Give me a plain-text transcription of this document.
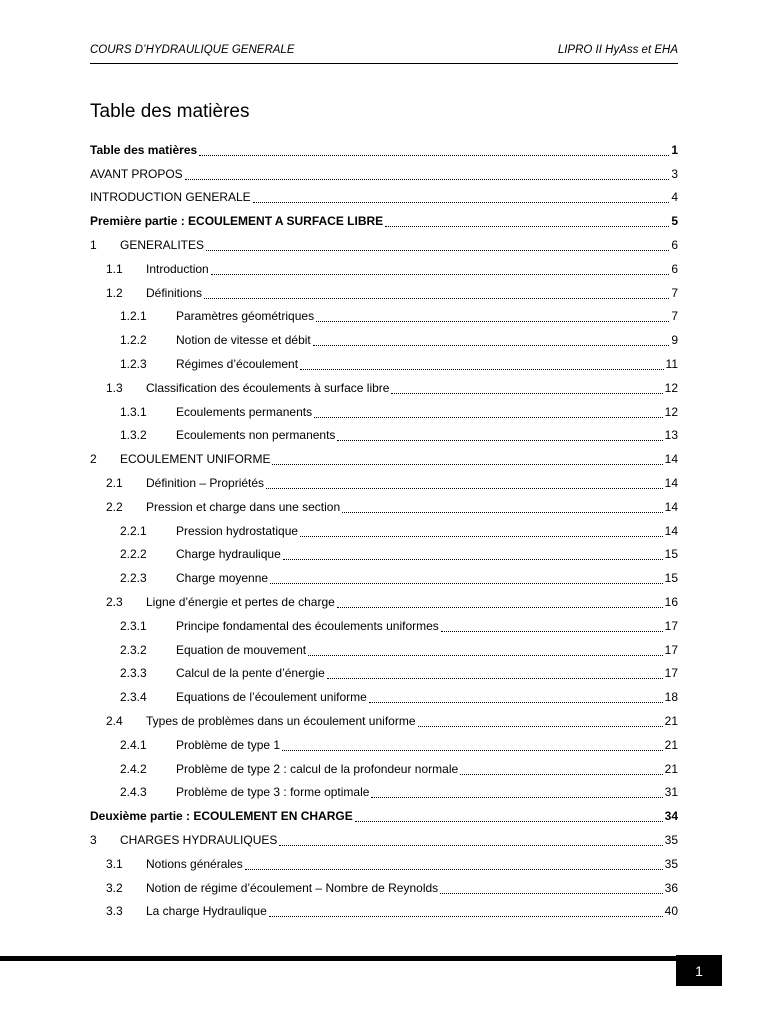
COURS D’HYDRAULIQUE GENERALE	LIPRO II HyAss et EHA
Table des matières
Table des matières	1
AVANT PROPOS	3
INTRODUCTION GENERALE	4
Première partie : ECOULEMENT A SURFACE LIBRE	5
1	GENERALITES	6
1.1	Introduction	6
1.2	Définitions	7
1.2.1	Paramètres géométriques	7
1.2.2	Notion de vitesse et débit	9
1.2.3	Régimes d’écoulement	11
1.3	Classification des écoulements à surface libre	12
1.3.1	Ecoulements permanents	12
1.3.2	Ecoulements non permanents	13
2	ECOULEMENT UNIFORME	14
2.1	Définition – Propriétés	14
2.2	Pression et charge dans une section	14
2.2.1	Pression hydrostatique	14
2.2.2	Charge hydraulique	15
2.2.3	Charge moyenne	15
2.3	Ligne d’énergie et pertes de charge	16
2.3.1	Principe fondamental des écoulements uniformes	17
2.3.2	Equation de mouvement	17
2.3.3	Calcul de la pente d’énergie	17
2.3.4	Equations de l’écoulement uniforme	18
2.4	Types de problèmes dans un écoulement uniforme	21
2.4.1	Problème de type 1	21
2.4.2	Problème de type 2 : calcul de la profondeur normale	21
2.4.3	Problème de type 3 : forme optimale	31
Deuxième partie : ECOULEMENT EN CHARGE	34
3	CHARGES HYDRAULIQUES	35
3.1	Notions générales	35
3.2	Notion de régime d’écoulement – Nombre de Reynolds	36
3.3	La charge Hydraulique	40
1
